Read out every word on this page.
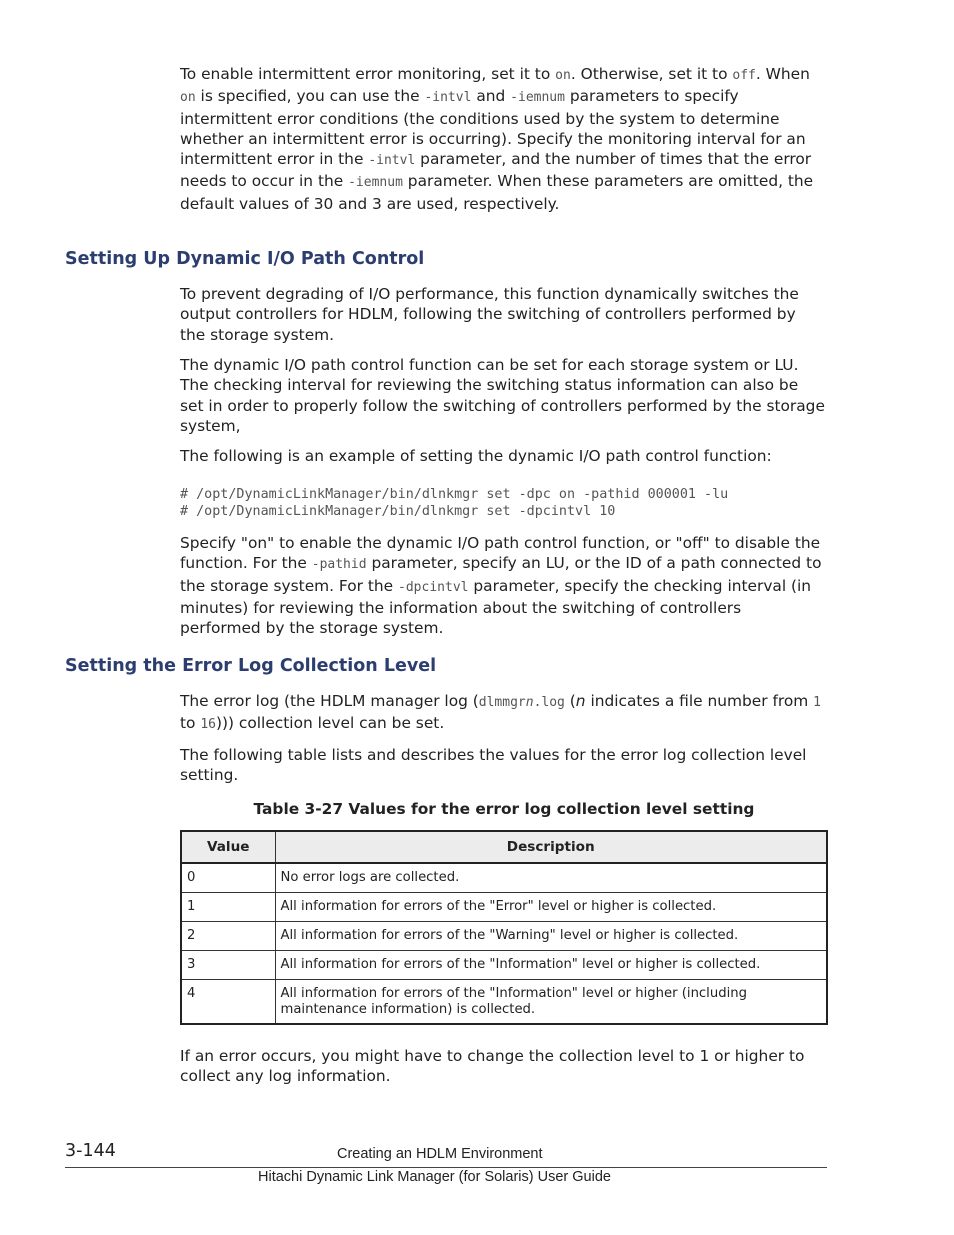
To enable intermittent error monitoring, set it to on. Otherwise, set it to off. When on is specified, you can use the -intvl and -iemnum parameters to specify intermittent error conditions (the conditions used by the system to determine whether an intermittent error is occurring). Specify the monitoring interval for an intermittent error in the -intvl parameter, and the number of times that the error needs to occur in the -iemnum parameter. When these parameters are omitted, the default values of 30 and 3 are used, respectively.

Setting Up Dynamic I/O Path Control

To prevent degrading of I/O performance, this function dynamically switches the output controllers for HDLM, following the switching of controllers performed by the storage system.

The dynamic I/O path control function can be set for each storage system or LU. The checking interval for reviewing the switching status information can also be set in order to properly follow the switching of controllers performed by the storage system,

The following is an example of setting the dynamic I/O path control function:

# /opt/DynamicLinkManager/bin/dlnkmgr set -dpc on -pathid 000001 -lu
# /opt/DynamicLinkManager/bin/dlnkmgr set -dpcintvl 10

Specify "on" to enable the dynamic I/O path control function, or "off" to disable the function. For the -pathid parameter, specify an LU, or the ID of a path connected to the storage system. For the -dpcintvl parameter, specify the checking interval (in minutes) for reviewing the information about the switching of controllers performed by the storage system.

Setting the Error Log Collection Level

The error log (the HDLM manager log (dlmmgrn.log (n indicates a file number from 1 to 16))) collection level can be set.

The following table lists and describes the values for the error log collection level setting.

Table 3-27 Values for the error log collection level setting

Value	Description
0	No error logs are collected.
1	All information for errors of the "Error" level or higher is collected.
2	All information for errors of the "Warning" level or higher is collected.
3	All information for errors of the "Information" level or higher is collected.
4	All information for errors of the "Information" level or higher (including maintenance information) is collected.

If an error occurs, you might have to change the collection level to 1 or higher to collect any log information.

3-144	Creating an HDLM Environment
Hitachi Dynamic Link Manager (for Solaris) User Guide
